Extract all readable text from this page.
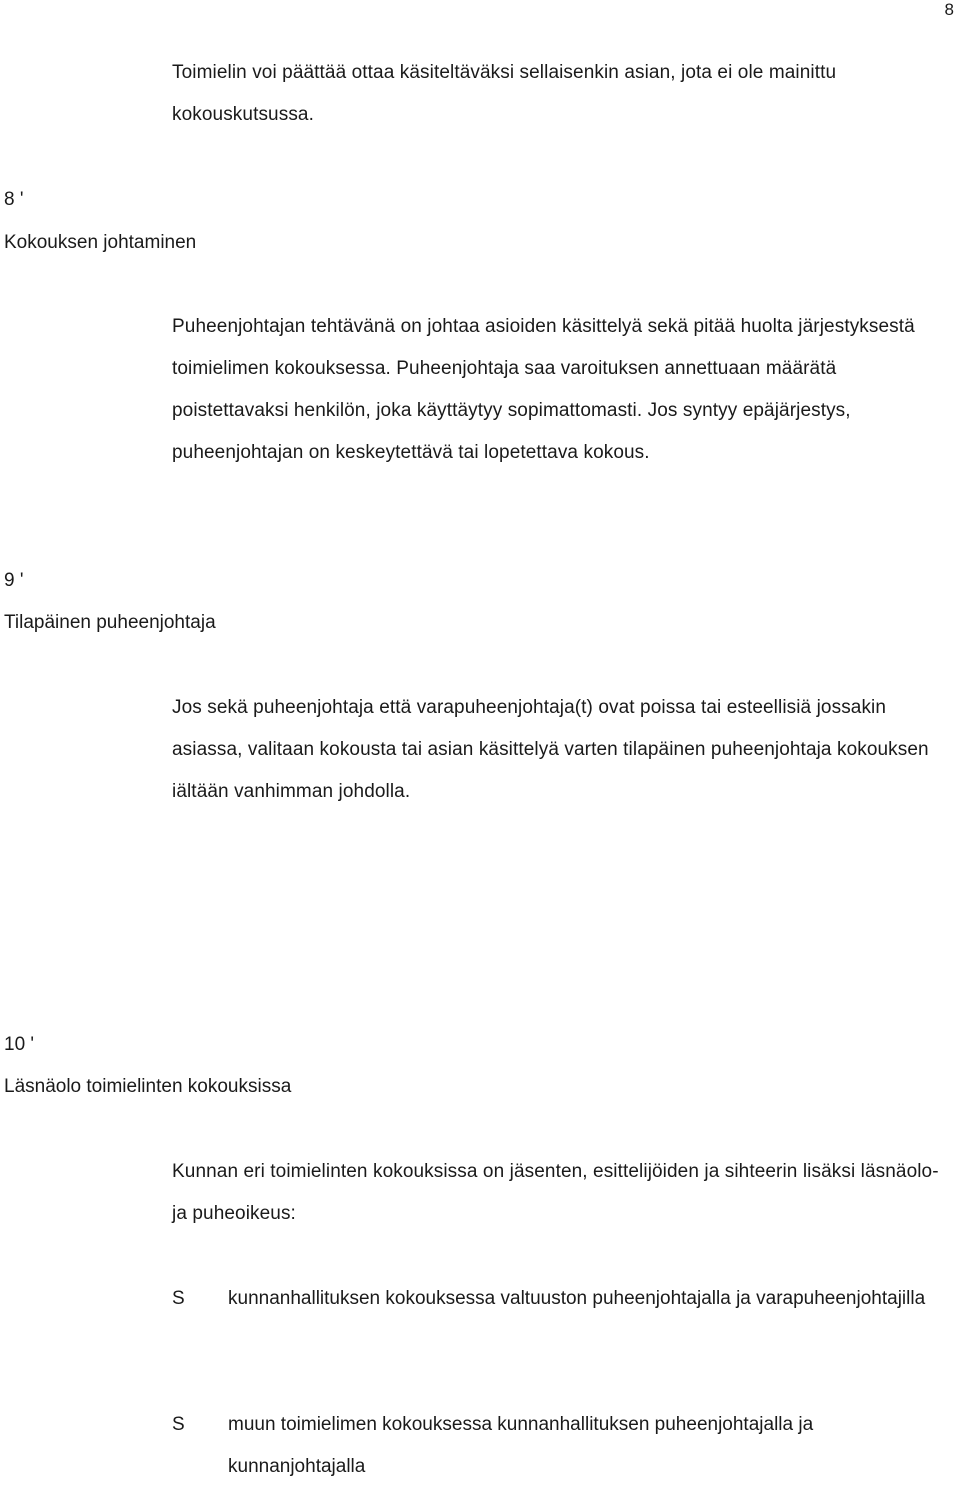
8

Toimielin voi päättää ottaa käsiteltäväksi sellaisenkin asian, jota ei ole mainittu kokouskutsussa.

8 '
Kokouksen johtaminen

Puheenjohtajan tehtävänä on johtaa asioiden käsittelyä sekä pitää huolta järjestyksestä toimielimen kokouksessa. Puheenjohtaja saa varoituksen annettuaan määrätä poistettavaksi henkilön, joka käyttäytyy sopimattomasti. Jos syntyy epäjärjestys, puheenjohtajan on keskeytettävä tai lopetettava kokous.

9 '
Tilapäinen puheenjohtaja

Jos sekä puheenjohtaja että varapuheenjohtaja(t) ovat poissa tai esteellisiä jossakin asiassa, valitaan kokousta tai asian käsittelyä varten tilapäinen puheenjohtaja kokouksen iältään vanhimman johdolla.

10 '
Läsnäolo toimielinten kokouksissa

Kunnan eri toimielinten kokouksissa on jäsenten, esittelijöiden ja sihteerin lisäksi läsnäolo- ja puheoikeus:

S	kunnanhallituksen kokouksessa valtuuston puheenjohtajalla ja varapuheenjohtajilla
S	muun toimielimen kokouksessa kunnanhallituksen puheenjohtajalla ja kunnanjohtajalla
